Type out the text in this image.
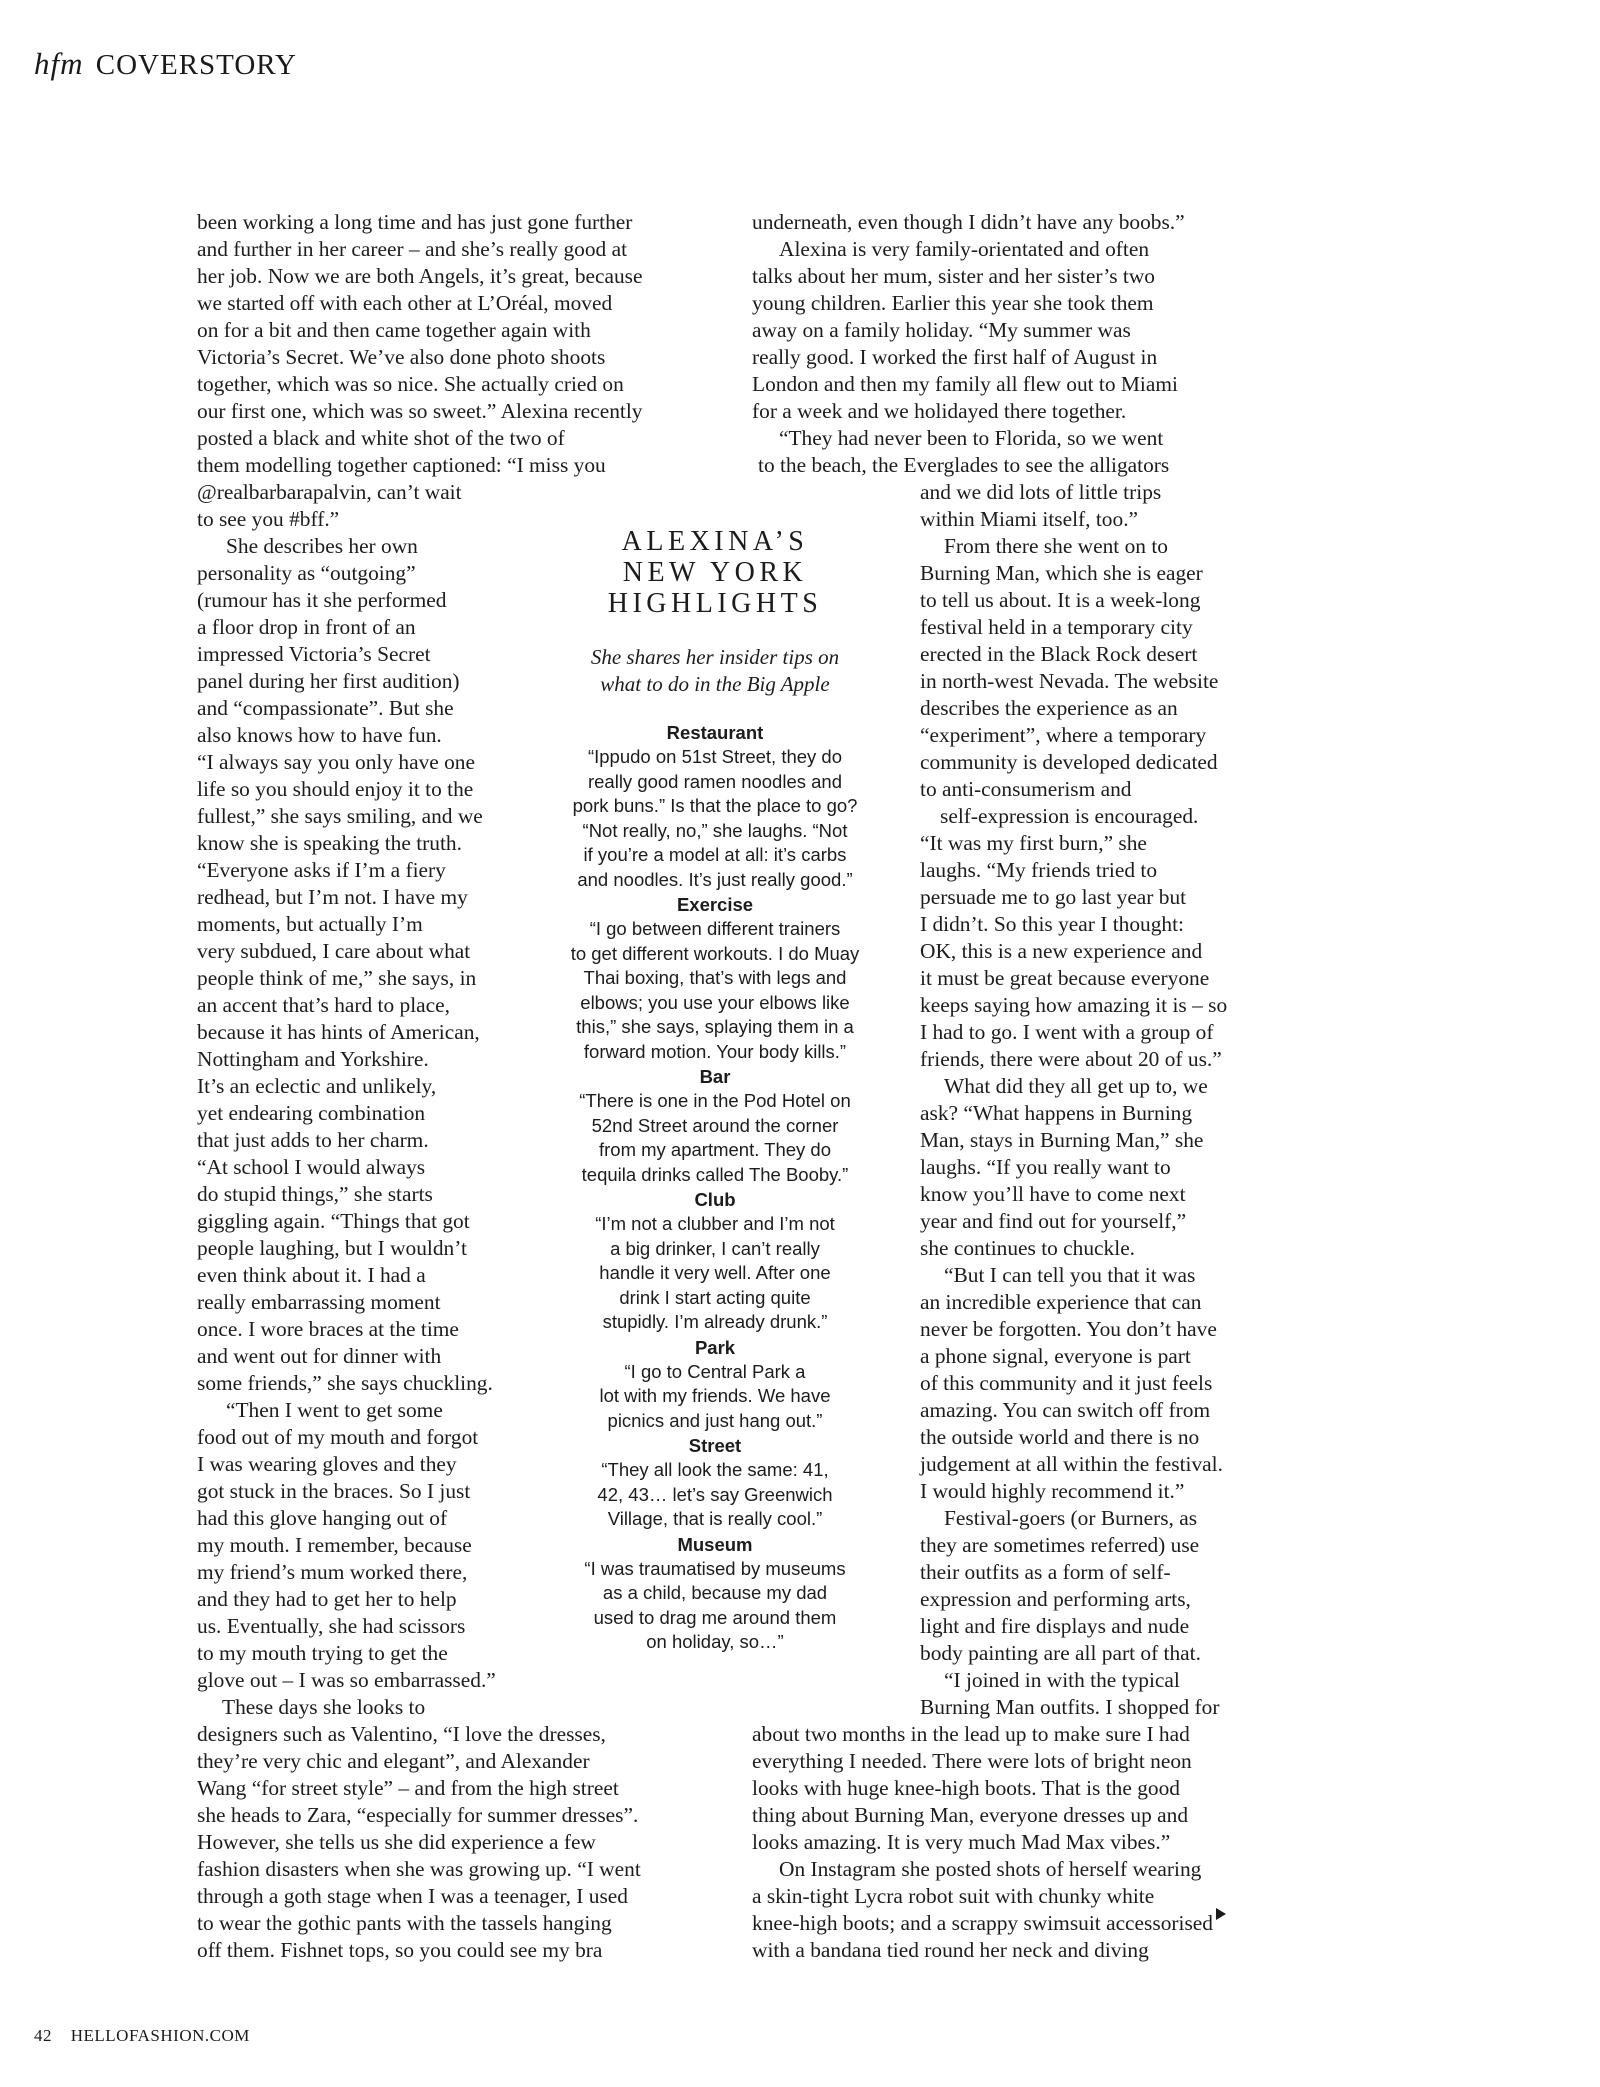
hfm COVERSTORY
been working a long time and has just gone further
and further in her career – and she’s really good at
her job. Now we are both Angels, it’s great, because
we started off with each other at L’Oréal, moved
on for a bit and then came together again with
Victoria’s Secret. We’ve also done photo shoots
together, which was so nice. She actually cried on
our first one, which was so sweet.” Alexina recently
posted a black and white shot of the two of
them modelling together captioned: “I miss you
@realbarbarapalvin, can’t wait
to see you #bff.”
She describes her own
personality as “outgoing”
(rumour has it she performed
a floor drop in front of an
impressed Victoria’s Secret
panel during her first audition)
and “compassionate”. But she
also knows how to have fun.
“I always say you only have one
life so you should enjoy it to the
fullest,” she says smiling, and we
know she is speaking the truth.
“Everyone asks if I’m a fiery
redhead, but I’m not. I have my
moments, but actually I’m
very subdued, I care about what
people think of me,” she says, in
an accent that’s hard to place,
because it has hints of American,
Nottingham and Yorkshire.
It’s an eclectic and unlikely,
yet endearing combination
that just adds to her charm.
“At school I would always
do stupid things,” she starts
giggling again. “Things that got
people laughing, but I wouldn’t
even think about it. I had a
really embarrassing moment
once. I wore braces at the time
and went out for dinner with
some friends,” she says chuckling.
“Then I went to get some
food out of my mouth and forgot
I was wearing gloves and they
got stuck in the braces. So I just
had this glove hanging out of
my mouth. I remember, because
my friend’s mum worked there,
and they had to get her to help
us. Eventually, she had scissors
to my mouth trying to get the
glove out – I was so embarrassed.”
These days she looks to
designers such as Valentino, “I love the dresses,
they’re very chic and elegant”, and Alexander
Wang “for street style” – and from the high street
she heads to Zara, “especially for summer dresses”.
However, she tells us she did experience a few
fashion disasters when she was growing up. “I went
through a goth stage when I was a teenager, I used
to wear the gothic pants with the tassels hanging
off them. Fishnet tops, so you could see my bra
underneath, even though I didn’t have any boobs.”
Alexina is very family-orientated and often
talks about her mum, sister and her sister’s two
young children. Earlier this year she took them
away on a family holiday. “My summer was
really good. I worked the first half of August in
London and then my family all flew out to Miami
for a week and we holidayed there together.
“They had never been to Florida, so we went
to the beach, the Everglades to see the alligators
and we did lots of little trips
within Miami itself, too.”
From there she went on to
Burning Man, which she is eager
to tell us about. It is a week-long
festival held in a temporary city
erected in the Black Rock desert
in north-west Nevada. The website
describes the experience as an
“experiment”, where a temporary
community is developed dedicated
to anti-consumerism and
self-expression is encouraged.
“It was my first burn,” she
laughs. “My friends tried to
persuade me to go last year but
I didn’t. So this year I thought:
OK, this is a new experience and
it must be great because everyone
keeps saying how amazing it is – so
I had to go. I went with a group of
friends, there were about 20 of us.”
What did they all get up to, we
ask? “What happens in Burning
Man, stays in Burning Man,” she
laughs. “If you really want to
know you’ll have to come next
year and find out for yourself,”
she continues to chuckle.
“But I can tell you that it was
an incredible experience that can
never be forgotten. You don’t have
a phone signal, everyone is part
of this community and it just feels
amazing. You can switch off from
the outside world and there is no
judgement at all within the festival.
I would highly recommend it.”
Festival-goers (or Burners, as
they are sometimes referred) use
their outfits as a form of self-
expression and performing arts,
light and fire displays and nude
body painting are all part of that.
“I joined in with the typical
Burning Man outfits. I shopped for
about two months in the lead up to make sure I had
everything I needed. There were lots of bright neon
looks with huge knee-high boots. That is the good
thing about Burning Man, everyone dresses up and
looks amazing. It is very much Mad Max vibes.”
On Instagram she posted shots of herself wearing
a skin-tight Lycra robot suit with chunky white
knee-high boots; and a scrappy swimsuit accessorised
with a bandana tied round her neck and diving
ALEXINA’S
NEW YORK
HIGHLIGHTS
She shares her insider tips on
what to do in the Big Apple
Restaurant
“Ippudo on 51st Street, they do
really good ramen noodles and
pork buns.” Is that the place to go?
“Not really, no,” she laughs. “Not
if you’re a model at all: it’s carbs
and noodles. It’s just really good.”
Exercise
“I go between different trainers
to get different workouts. I do Muay
Thai boxing, that’s with legs and
elbows; you use your elbows like
this,” she says, splaying them in a
forward motion. Your body kills.”
Bar
“There is one in the Pod Hotel on
52nd Street around the corner
from my apartment. They do
tequila drinks called The Booby.”
Club
“I’m not a clubber and I’m not
a big drinker, I can’t really
handle it very well. After one
drink I start acting quite
stupidly. I’m already drunk.”
Park
“I go to Central Park a
lot with my friends. We have
picnics and just hang out.”
Street
“They all look the same: 41,
42, 43… let’s say Greenwich
Village, that is really cool.”
Museum
“I was traumatised by museums
as a child, because my dad
used to drag me around them
on holiday, so…”
42 HELLOFASHION.COM
